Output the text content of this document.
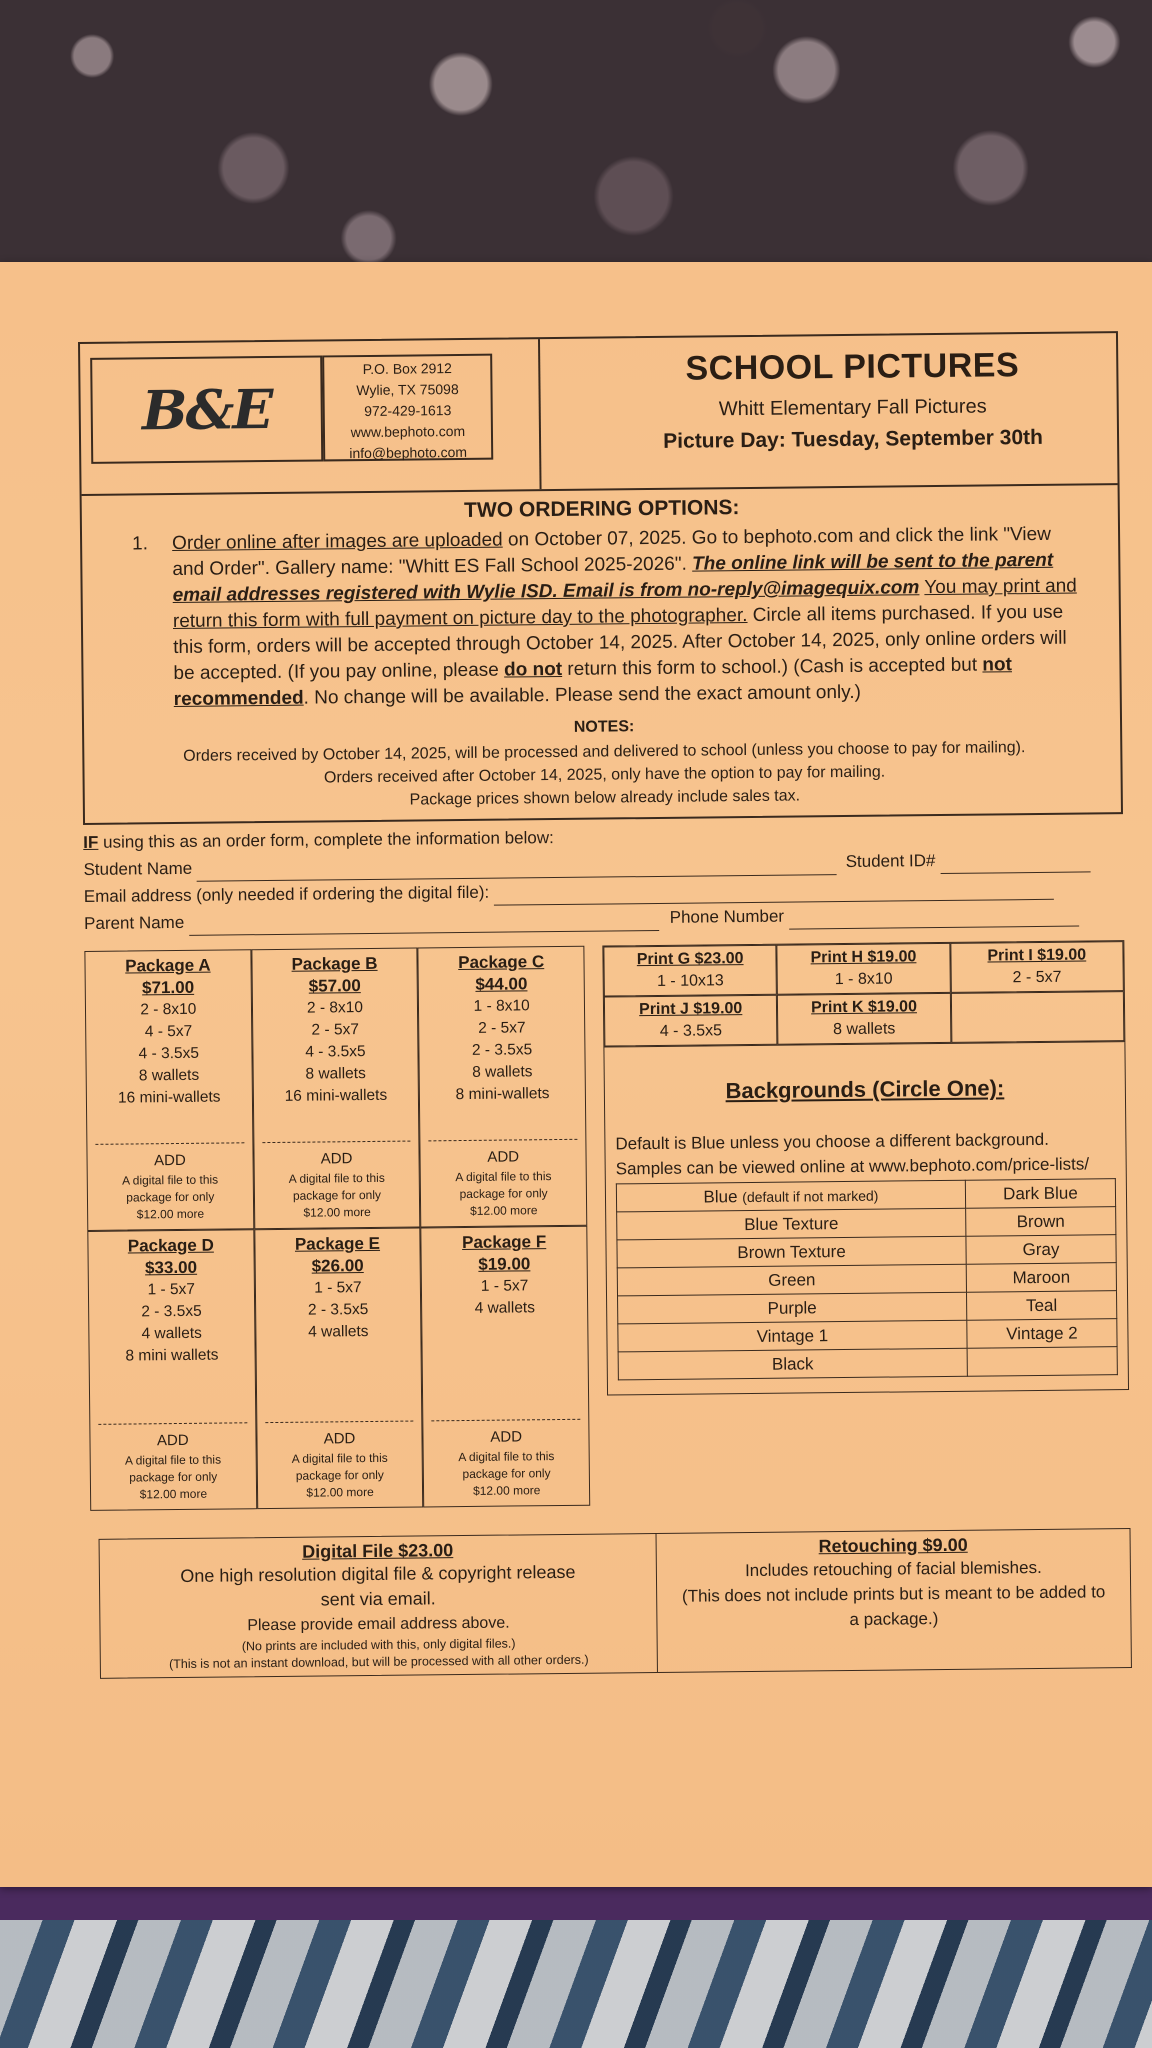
B&E
P.O. Box 2912
Wylie, TX 75098
972-429-1613
www.bephoto.com
info@bephoto.com
SCHOOL PICTURES
Whitt Elementary Fall Pictures
Picture Day: Tuesday, September 30th
TWO ORDERING OPTIONS:
1.	Order online after images are uploaded on October 07, 2025. Go to bephoto.com and click the link "View and Order". Gallery name: "Whitt ES Fall School 2025-2026". The online link will be sent to the parent email addresses registered with Wylie ISD. Email is from no-reply@imagequix.com You may print and return this form with full payment on picture day to the photographer. Circle all items purchased. If you use this form, orders will be accepted through October 14, 2025. After October 14, 2025, only online orders will be accepted. (If you pay online, please do not return this form to school.) (Cash is accepted but not recommended. No change will be available. Please send the exact amount only.)
NOTES:
Orders received by October 14, 2025, will be processed and delivered to school (unless you choose to pay for mailing).
Orders received after October 14, 2025, only have the option to pay for mailing.
Package prices shown below already include sales tax.
IF using this as an order form, complete the information below:
Student Name	Student ID#
Email address (only needed if ordering the digital file):
Parent Name	Phone Number
Package A
$71.00
2 - 8x10
4 - 5x7
4 - 3.5x5
8 wallets
16 mini-wallets
ADD
A digital file to this
package for only
$12.00 more
Package B
$57.00
2 - 8x10
2 - 5x7
4 - 3.5x5
8 wallets
16 mini-wallets
ADD
A digital file to this
package for only
$12.00 more
Package C
$44.00
1 - 8x10
2 - 5x7
2 - 3.5x5
8 wallets
8 mini-wallets
ADD
A digital file to this
package for only
$12.00 more
Package D
$33.00
1 - 5x7
2 - 3.5x5
4 wallets
8 mini wallets
ADD
A digital file to this
package for only
$12.00 more
Package E
$26.00
1 - 5x7
2 - 3.5x5
4 wallets
ADD
A digital file to this
package for only
$12.00 more
Package F
$19.00
1 - 5x7
4 wallets
ADD
A digital file to this
package for only
$12.00 more
Print G $23.00
1 - 10x13
Print H $19.00
1 - 8x10
Print I $19.00
2 - 5x7
Print J $19.00
4 - 3.5x5
Print K $19.00
8 wallets
Backgrounds (Circle One):
Default is Blue unless you choose a different background. Samples can be viewed online at www.bephoto.com/price-lists/
Blue (default if not marked)	Dark Blue
Blue Texture	Brown
Brown Texture	Gray
Green	Maroon
Purple	Teal
Vintage 1	Vintage 2
Black	
Digital File $23.00
One high resolution digital file & copyright release
sent via email.
Please provide email address above.
(No prints are included with this, only digital files.)
(This is not an instant download, but will be processed with all other orders.)
Retouching $9.00
Includes retouching of facial blemishes.
(This does not include prints but is meant to be added to a package.)
